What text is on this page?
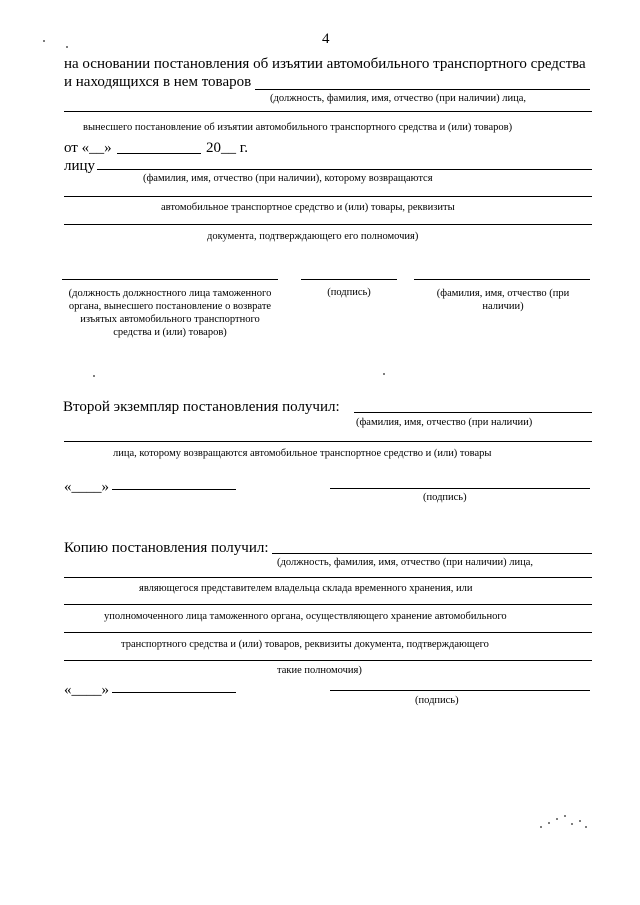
4
на основании постановления об изъятии автомобильного транспортного средства
и находящихся в нем товаров
(должность, фамилия, имя, отчество (при наличии) лица,
вынесшего постановление об изъятии автомобильного транспортного средства и (или) товаров)
от «__»	20__ г.
лицу
(фамилия, имя, отчество (при наличии), которому возвращаются
автомобильное транспортное средство и (или) товары, реквизиты
документа, подтверждающего его полномочия)
(должность должностного лица таможенного органа, вынесшего постановление о возврате изъятых автомобильного транспортного средства и (или) товаров)
(подпись)	(фамилия, имя, отчество (при наличии)
Второй экземпляр постановления получил:
(фамилия, имя, отчество (при наличии)
лица, которому возвращаются автомобильное транспортное средство и (или) товары
«____»
(подпись)
Копию постановления получил:
(должность, фамилия, имя, отчество (при наличии) лица,
являющегося представителем владельца склада временного хранения, или
уполномоченного лица таможенного органа, осуществляющего хранение автомобильного
транспортного средства и (или) товаров, реквизиты документа, подтверждающего
такие полномочия)
«____»
(подпись)
